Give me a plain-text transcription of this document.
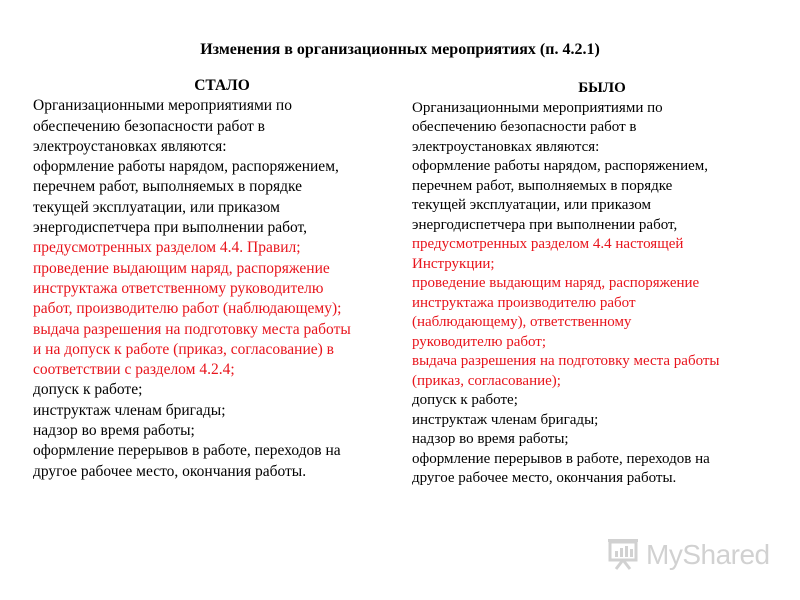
Изменения в организационных мероприятиях (п. 4.2.1)
СТАЛО
Организационными мероприятиями по
обеспечению безопасности работ в
электроустановках являются:
оформление работы нарядом, распоряжением,
перечнем работ, выполняемых в порядке
текущей эксплуатации, или приказом
энергодиспетчера при выполнении работ,
предусмотренных разделом 4.4. Правил;
проведение выдающим наряд, распоряжение
инструктажа ответственному руководителю
работ, производителю работ (наблюдающему);
выдача разрешения на подготовку места работы
и на допуск к работе (приказ, согласование) в
соответствии с разделом 4.2.4;
допуск к работе;
инструктаж членам бригады;
надзор во время работы;
оформление перерывов в работе, переходов на
другое рабочее место, окончания работы.
БЫЛО
Организационными мероприятиями по
обеспечению безопасности работ в
электроустановках являются:
оформление работы нарядом, распоряжением,
перечнем работ, выполняемых в порядке
текущей эксплуатации, или приказом
энергодиспетчера при выполнении работ,
предусмотренных разделом 4.4 настоящей
Инструкции;
проведение выдающим наряд, распоряжение
инструктажа производителю работ
(наблюдающему), ответственному
руководителю работ;
выдача разрешения на подготовку места работы
(приказ, согласование);
допуск к работе;
инструктаж членам бригады;
надзор во время работы;
оформление перерывов в работе, переходов на
другое рабочее место, окончания работы.
MyShared
